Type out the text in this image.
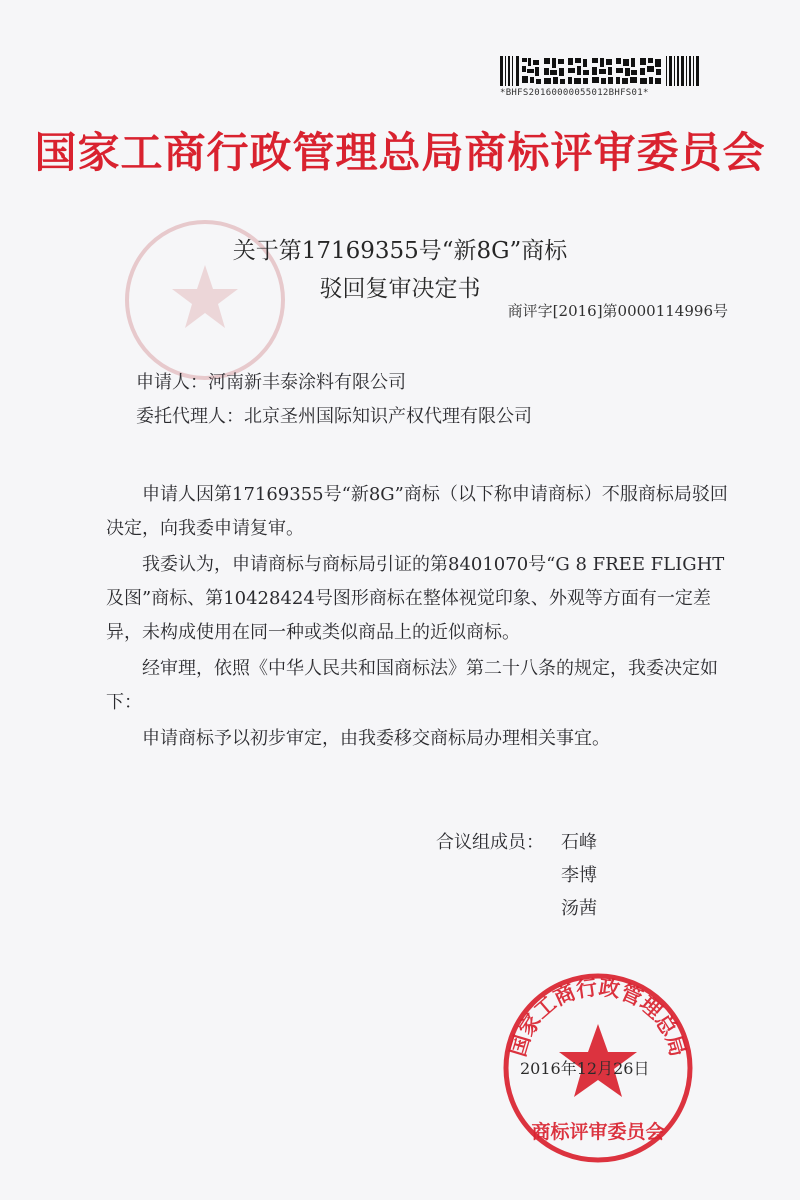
*BHFS20160000055012BHFS01*
国家工商行政管理总局商标评审委员会
关于第17169355号“新8G”商标
驳回复审决定书
商评字[2016]第0000114996号
申请人：河南新丰泰涂料有限公司
委托代理人：北京圣州国际知识产权代理有限公司

申请人因第17169355号“新8G”商标（以下称申请商标）不服商标局驳回决定，向我委申请复审。

我委认为，申请商标与商标局引证的第8401070号“G 8 FREE FLIGHT及图”商标、第10428424号图形商标在整体视觉印象、外观等方面有一定差异，未构成使用在同一种或类似商品上的近似商标。

经审理，依照《中华人民共和国商标法》第二十八条的规定，我委决定如下：

申请商标予以初步审定，由我委移交商标局办理相关事宜。

合议组成员： 石峰
李博
汤茜
国家工商行政管理总局
商标评审委员会
2016年12月26日
